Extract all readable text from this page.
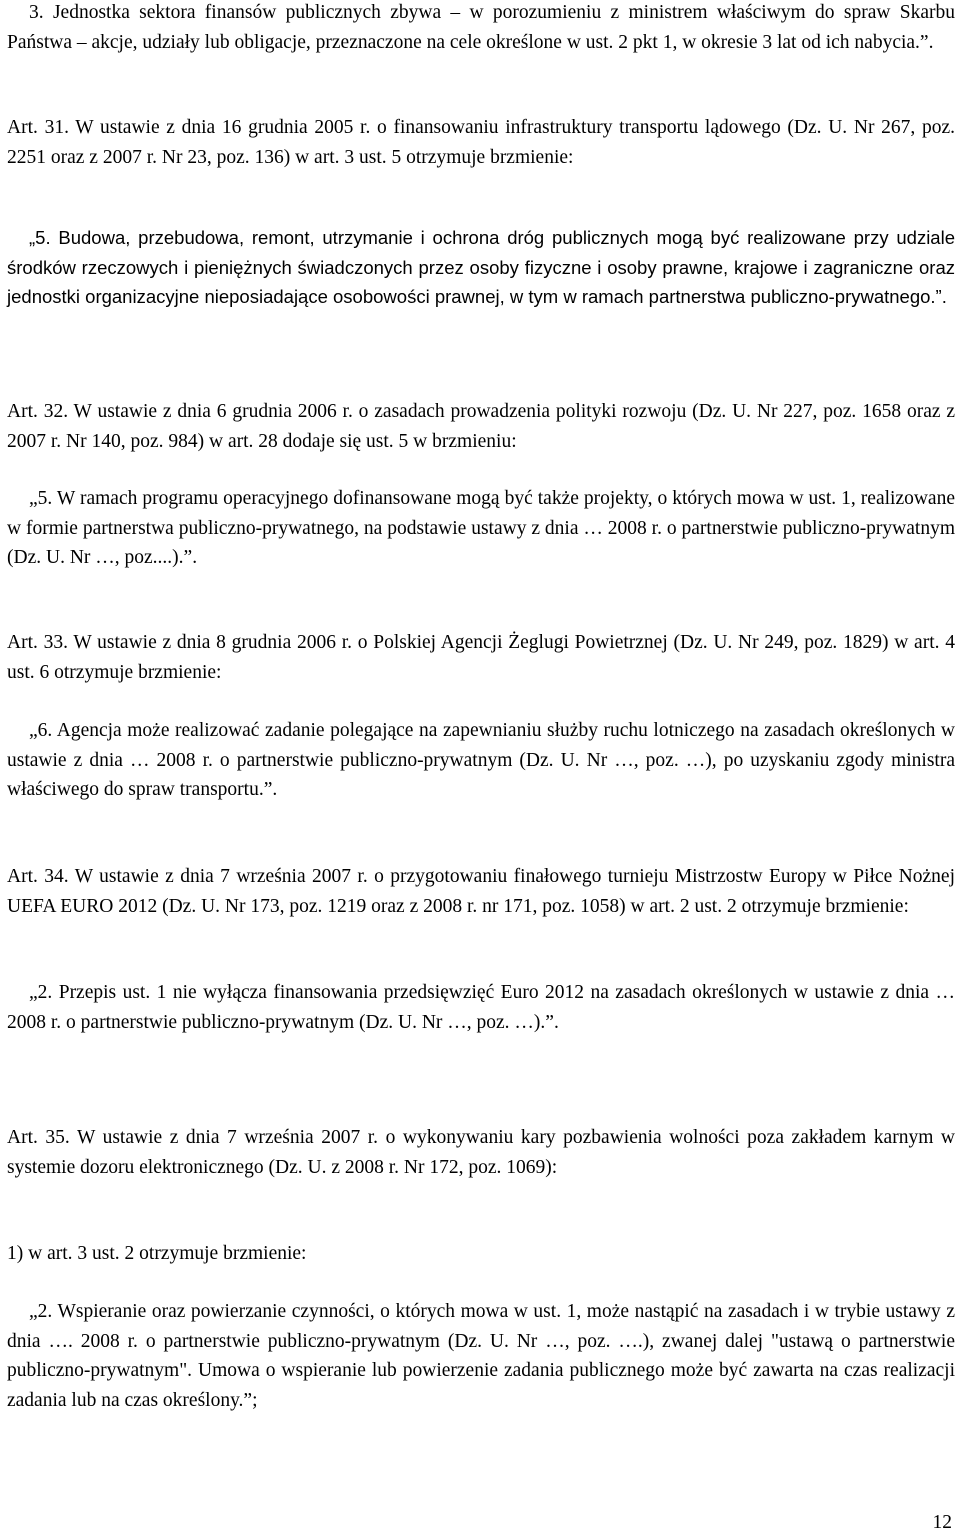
3. Jednostka sektora finansów publicznych zbywa – w porozumieniu z ministrem właściwym do spraw Skarbu Państwa – akcje, udziały lub obligacje, przeznaczone na cele określone w ust. 2 pkt 1, w okresie 3 lat od ich nabycia.”.

Art. 31. W ustawie z dnia 16 grudnia 2005 r. o finansowaniu infrastruktury transportu lądowego (Dz. U. Nr 267, poz. 2251 oraz z 2007 r. Nr 23, poz. 136) w art. 3 ust. 5 otrzymuje brzmienie:

„5. Budowa, przebudowa, remont, utrzymanie i ochrona dróg publicznych mogą być realizowane przy udziale środków rzeczowych i pieniężnych świadczonych przez osoby fizyczne i osoby prawne, krajowe i zagraniczne oraz jednostki organizacyjne nieposiadające osobowości prawnej, w tym w ramach partnerstwa publiczno-prywatnego.”.

Art. 32. W ustawie z dnia 6 grudnia 2006 r. o zasadach prowadzenia polityki rozwoju (Dz. U. Nr 227, poz. 1658 oraz z 2007 r. Nr 140, poz. 984) w art. 28 dodaje się ust. 5 w brzmieniu:

„5. W ramach programu operacyjnego dofinansowane mogą być także projekty, o których mowa w ust. 1, realizowane w formie partnerstwa publiczno-prywatnego, na podstawie ustawy z dnia … 2008 r. o partnerstwie publiczno-prywatnym (Dz. U. Nr …, poz....).”.

Art. 33. W ustawie z dnia 8 grudnia 2006 r. o Polskiej Agencji Żeglugi Powietrznej (Dz. U. Nr 249, poz. 1829) w art. 4 ust. 6 otrzymuje brzmienie:

„6. Agencja może realizować zadanie polegające na zapewnianiu służby ruchu lotniczego na zasadach określonych w ustawie z dnia … 2008 r. o partnerstwie publiczno-prywatnym (Dz. U. Nr …, poz. …), po uzyskaniu zgody ministra właściwego do spraw transportu.”.

Art. 34. W ustawie z dnia 7 września 2007 r. o przygotowaniu finałowego turnieju Mistrzostw Europy w Piłce Nożnej UEFA EURO 2012 (Dz. U. Nr 173, poz. 1219 oraz z 2008 r. nr 171, poz. 1058) w art. 2 ust. 2 otrzymuje brzmienie:

„2. Przepis ust. 1 nie wyłącza finansowania przedsięwzięć Euro 2012 na zasadach określonych w ustawie z dnia … 2008 r. o partnerstwie publiczno-prywatnym (Dz. U. Nr …, poz. …).”.

Art. 35. W ustawie z dnia 7 września 2007 r. o wykonywaniu kary pozbawienia wolności poza zakładem karnym w systemie dozoru elektronicznego (Dz. U. z 2008 r. Nr 172, poz. 1069):

1) w art. 3 ust. 2 otrzymuje brzmienie:

„2. Wspieranie oraz powierzanie czynności, o których mowa w ust. 1, może nastąpić na zasadach i w trybie ustawy z dnia …. 2008 r. o partnerstwie publiczno-prywatnym (Dz. U. Nr …, poz. ….), zwanej dalej "ustawą o partnerstwie publiczno-prywatnym". Umowa o wspieranie lub powierzenie zadania publicznego może być zawarta na czas realizacji zadania lub na czas określony.”;

12
